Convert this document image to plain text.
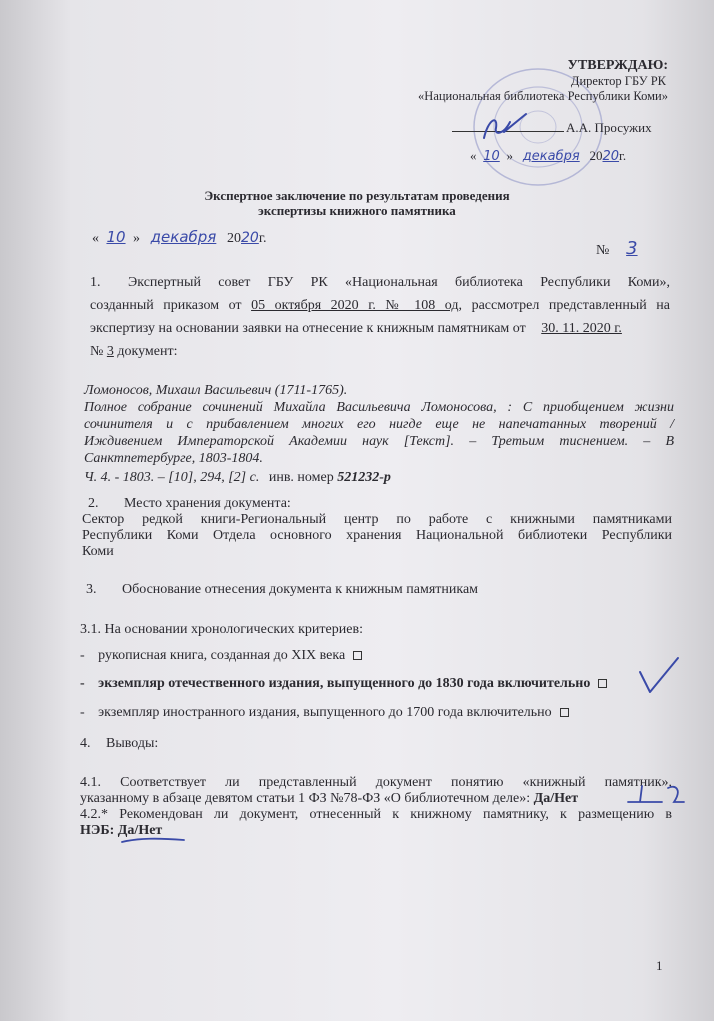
УТВЕРЖДАЮ:
Директор ГБУ РК
«Национальная библиотека Республики Коми»
А.А. Просужих
« 10 » декабря 2020г.
Экспертное заключение по результатам проведения
экспертизы книжного памятника
« 10 » декабря 2020г.
№ 3
1. Экспертный совет ГБУ РК «Национальная библиотека Республики Коми»,
созданный приказом от 05 октября 2020 г. № 108 од, рассмотрел представленный на
экспертизу на основании заявки на отнесение к книжным памятникам от 30. 11. 2020 г.
№ 3 документ:
Ломоносов, Михаил Васильевич (1711-1765).
Полное собрание сочинений Михайла Васильевича Ломоносова, : С приобщением жизни
сочинителя и с прибавлением многих его нигде еще не напечатанных творений /
Иждивением Императорской Академии наук [Текст]. – Третьим тиснением. – В
Санктпетербурге, 1803-1804.
Ч. 4. - 1803. – [10], 294, [2] с. инв. номер 521232-р
2. Место хранения документа:
Сектор редкой книги-Региональный центр по работе с книжными памятниками
Республики Коми Отдела основного хранения Национальной библиотеки Республики
Коми
3. Обоснование отнесения документа к книжным памятникам
3.1. На основании хронологических критериев:
- рукописная книга, созданная до XIX века
- экземпляр отечественного издания, выпущенного до 1830 года включительно
- экземпляр иностранного издания, выпущенного до 1700 года включительно
4. Выводы:
4.1. Соответствует ли представленный документ понятию «книжный памятник»,
указанному в абзаце девятом статьи 1 ФЗ №78-ФЗ «О библиотечном деле»: Да/Нет
4.2.* Рекомендован ли документ, отнесенный к книжному памятнику, к размещению в
НЭБ: Да/Нет
1
